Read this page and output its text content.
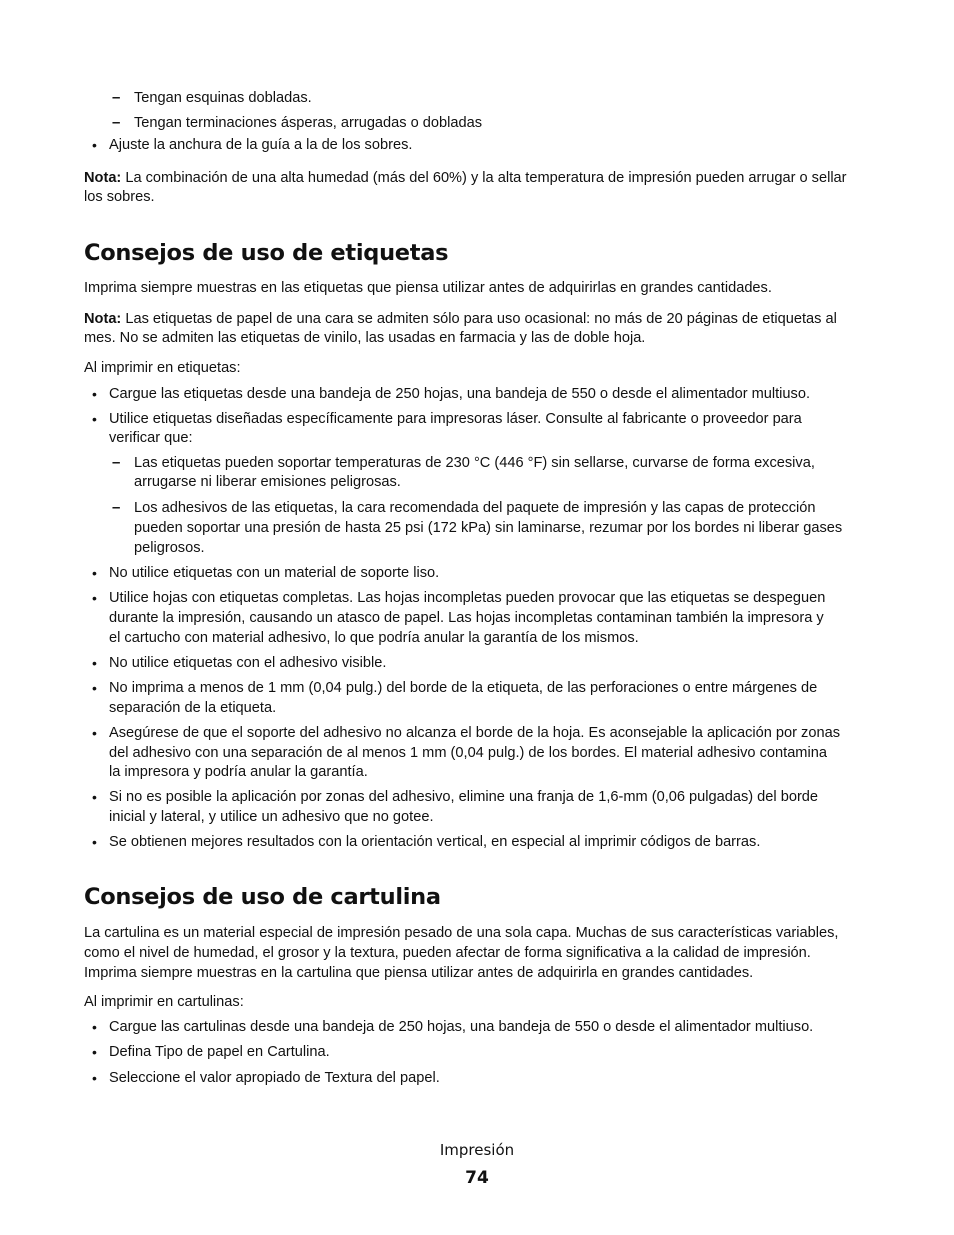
– Tengan esquinas dobladas.
– Tengan terminaciones ásperas, arrugadas o dobladas
• Ajuste la anchura de la guía a la de los sobres.
Nota: La combinación de una alta humedad (más del 60%) y la alta temperatura de impresión pueden arrugar o sellar
los sobres.
Consejos de uso de etiquetas
Imprima siempre muestras en las etiquetas que piensa utilizar antes de adquirirlas en grandes cantidades.
Nota: Las etiquetas de papel de una cara se admiten sólo para uso ocasional: no más de 20 páginas de etiquetas al
mes. No se admiten las etiquetas de vinilo, las usadas en farmacia y las de doble hoja.
Al imprimir en etiquetas:
• Cargue las etiquetas desde una bandeja de 250 hojas, una bandeja de 550 o desde el alimentador multiuso.
• Utilice etiquetas diseñadas específicamente para impresoras láser. Consulte al fabricante o proveedor para
verificar que:
– Las etiquetas pueden soportar temperaturas de 230 °C (446 °F) sin sellarse, curvarse de forma excesiva,
arrugarse ni liberar emisiones peligrosas.
– Los adhesivos de las etiquetas, la cara recomendada del paquete de impresión y las capas de protección
pueden soportar una presión de hasta 25 psi (172 kPa) sin laminarse, rezumar por los bordes ni liberar gases
peligrosos.
• No utilice etiquetas con un material de soporte liso.
• Utilice hojas con etiquetas completas. Las hojas incompletas pueden provocar que las etiquetas se despeguen
durante la impresión, causando un atasco de papel. Las hojas incompletas contaminan también la impresora y
el cartucho con material adhesivo, lo que podría anular la garantía de los mismos.
• No utilice etiquetas con el adhesivo visible.
• No imprima a menos de 1 mm (0,04 pulg.) del borde de la etiqueta, de las perforaciones o entre márgenes de
separación de la etiqueta.
• Asegúrese de que el soporte del adhesivo no alcanza el borde de la hoja. Es aconsejable la aplicación por zonas
del adhesivo con una separación de al menos 1 mm (0,04 pulg.) de los bordes. El material adhesivo contamina
la impresora y podría anular la garantía.
• Si no es posible la aplicación por zonas del adhesivo, elimine una franja de 1,6-mm (0,06 pulgadas) del borde
inicial y lateral, y utilice un adhesivo que no gotee.
• Se obtienen mejores resultados con la orientación vertical, en especial al imprimir códigos de barras.
Consejos de uso de cartulina
La cartulina es un material especial de impresión pesado de una sola capa. Muchas de sus características variables,
como el nivel de humedad, el grosor y la textura, pueden afectar de forma significativa a la calidad de impresión.
Imprima siempre muestras en la cartulina que piensa utilizar antes de adquirirla en grandes cantidades.
Al imprimir en cartulinas:
• Cargue las cartulinas desde una bandeja de 250 hojas, una bandeja de 550 o desde el alimentador multiuso.
• Defina Tipo de papel en Cartulina.
• Seleccione el valor apropiado de Textura del papel.
Impresión
74
